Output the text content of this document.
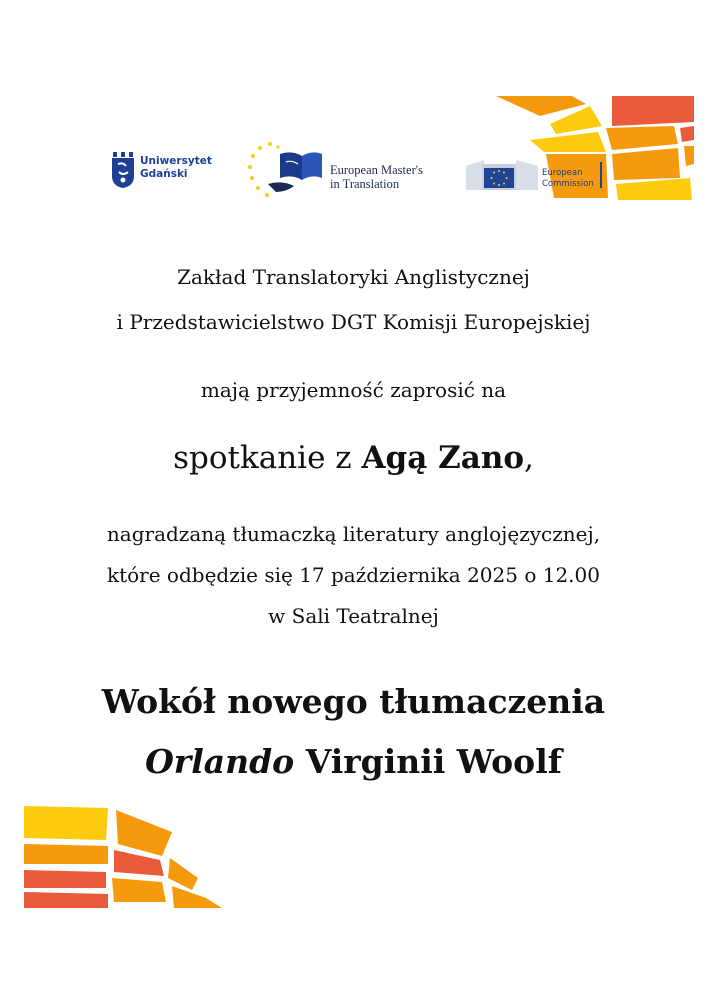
Uniwersytet
Gdański	European Master's
in Translation
European
Commission
Zakład Translatoryki Anglistycznej
i Przedstawicielstwo DGT Komisji Europejskiej
mają przyjemność zaprosić na
spotkanie z Agą Zano,
nagradzaną tłumaczką literatury anglojęzycznej,
które odbędzie się 17 października 2025 o 12.00
w Sali Teatralnej
Wokół nowego tłumaczenia
Orlando Virginii Woolf
